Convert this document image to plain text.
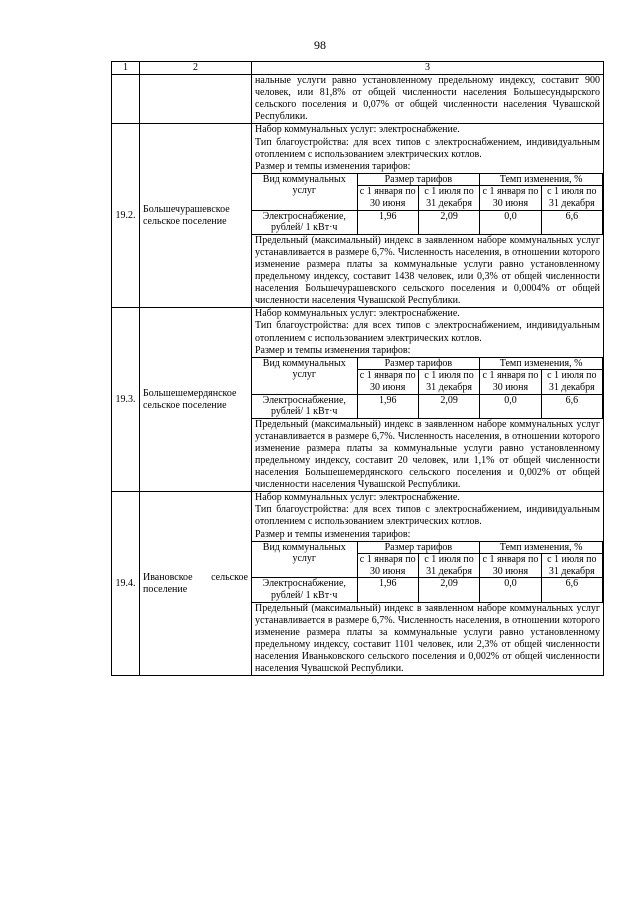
98
1	2	3

нальные услуги равно установленному предельному индексу, составит 900 человек, или 81,8% от общей численности населения Большесундырского сельского поселения и 0,07% от общей численности населения Чувашской Республики.

19.2.	Большечурашевское сельское поселение	
Набор коммунальных услуг: электроснабжение.
Тип благоустройства: для всех типов с электроснабжением, индивидуальным отоплением с использованием электрических котлов.
Размер и темпы изменения тарифов:
Вид коммунальных услуг	Размер тарифов	Темп изменения, %
с 1 января по 30 июня	с 1 июля по 31 декабря	с 1 января по 30 июня	с 1 июля по 31 декабря
Электроснабжение, рублей/ 1 кВт·ч	1,96	2,09	0,0	6,6
Предельный (максимальный) индекс в заявленном наборе коммунальных услуг устанавливается в размере 6,7%. Численность населения, в отношении которого изменение размера платы за коммунальные услуги равно установленному предельному индексу, составит 1438 человек, или 0,3% от общей численности населения Большечурашевского сельского поселения и 0,0004% от общей численности населения Чувашской Республики.

19.3.	Большешемердянское сельское поселение	
Набор коммунальных услуг: электроснабжение.
Тип благоустройства: для всех типов с электроснабжением, индивидуальным отоплением с использованием электрических котлов.
Размер и темпы изменения тарифов:
Вид коммунальных услуг	Размер тарифов	Темп изменения, %
с 1 января по 30 июня	с 1 июля по 31 декабря	с 1 января по 30 июня	с 1 июля по 31 декабря
Электроснабжение, рублей/ 1 кВт·ч	1,96	2,09	0,0	6,6
Предельный (максимальный) индекс в заявленном наборе коммунальных услуг устанавливается в размере 6,7%. Численность населения, в отношении которого изменение размера платы за коммунальные услуги равно установленному предельному индексу, составит 20 человек, или 1,1% от общей численности населения Большешемердянского сельского поселения и 0,002% от общей численности населения Чувашской Республики.

19.4.	Ивановское сельское поселение	
Набор коммунальных услуг: электроснабжение.
Тип благоустройства: для всех типов с электроснабжением, индивидуальным отоплением с использованием электрических котлов.
Размер и темпы изменения тарифов:
Вид коммунальных услуг	Размер тарифов	Темп изменения, %
с 1 января по 30 июня	с 1 июля по 31 декабря	с 1 января по 30 июня	с 1 июля по 31 декабря
Электроснабжение, рублей/ 1 кВт·ч	1,96	2,09	0,0	6,6
Предельный (максимальный) индекс в заявленном наборе коммунальных услуг устанавливается в размере 6,7%. Численность населения, в отношении которого изменение размера платы за коммунальные услуги равно установленному предельному индексу, составит 1101 человек, или 2,3% от общей численности населения Иваньковского сельского поселения и 0,002% от общей численности населения Чувашской Республики.
